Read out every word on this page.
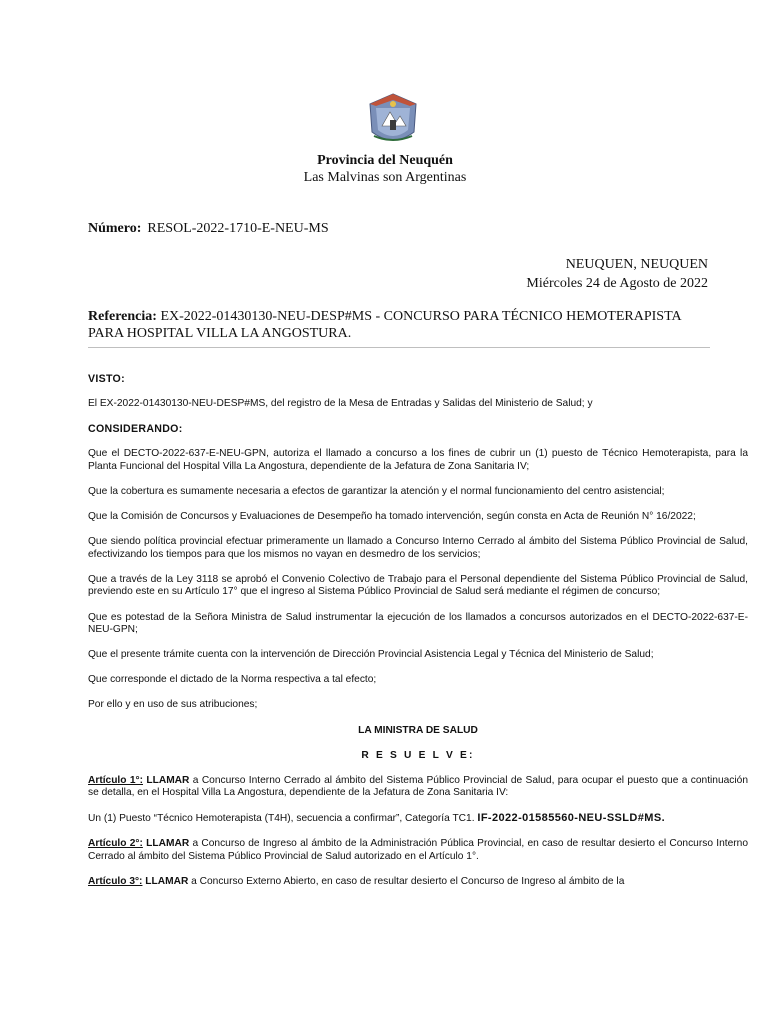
Provincia del Neuquén
Las Malvinas son Argentinas
Número: RESOL-2022-1710-E-NEU-MS
NEUQUEN, NEUQUEN
Miércoles 24 de Agosto de 2022
Referencia: EX-2022-01430130-NEU-DESP#MS - CONCURSO PARA TÉCNICO HEMOTERAPISTA PARA HOSPITAL VILLA LA ANGOSTURA.
VISTO:

El EX-2022-01430130-NEU-DESP#MS, del registro de la Mesa de Entradas y Salidas del Ministerio de Salud; y

CONSIDERANDO:

Que el DECTO-2022-637-E-NEU-GPN, autoriza el llamado a concurso a los fines de cubrir un (1) puesto de Técnico Hemoterapista, para la Planta Funcional del Hospital Villa La Angostura, dependiente de la Jefatura de Zona Sanitaria IV;

Que la cobertura es sumamente necesaria a efectos de garantizar la atención y el normal funcionamiento del centro asistencial;

Que la Comisión de Concursos y Evaluaciones de Desempeño ha tomado intervención, según consta en Acta de Reunión N° 16/2022;

Que siendo política provincial efectuar primeramente un llamado a Concurso Interno Cerrado al ámbito del Sistema Público Provincial de Salud, efectivizando los tiempos para que los mismos no vayan en desmedro de los servicios;

Que a través de la Ley 3118 se aprobó el Convenio Colectivo de Trabajo para el Personal dependiente del Sistema Público Provincial de Salud, previendo este en su Artículo 17° que el ingreso al Sistema Público Provincial de Salud será mediante el régimen de concurso;

Que es potestad de la Señora Ministra de Salud instrumentar la ejecución de los llamados a concursos autorizados en el DECTO-2022-637-E-NEU-GPN;

Que el presente trámite cuenta con la intervención de Dirección Provincial Asistencia Legal y Técnica del Ministerio de Salud;

Que corresponde el dictado de la Norma respectiva a tal efecto;

Por ello y en uso de sus atribuciones;

LA MINISTRA DE SALUD

R E S U E L V E:

Artículo 1°: LLAMAR a Concurso Interno Cerrado al ámbito del Sistema Público Provincial de Salud, para ocupar el puesto que a continuación se detalla, en el Hospital Villa La Angostura, dependiente de la Jefatura de Zona Sanitaria IV:

Un (1) Puesto “Técnico Hemoterapista (T4H), secuencia a confirmar”, Categoría TC1. IF-2022-01585560-NEU-SSLD#MS.

Artículo 2°: LLAMAR a Concurso de Ingreso al ámbito de la Administración Pública Provincial, en caso de resultar desierto el Concurso Interno Cerrado al ámbito del Sistema Público Provincial de Salud autorizado en el Artículo 1°.

Artículo 3°: LLAMAR a Concurso Externo Abierto, en caso de resultar desierto el Concurso de Ingreso al ámbito de la
